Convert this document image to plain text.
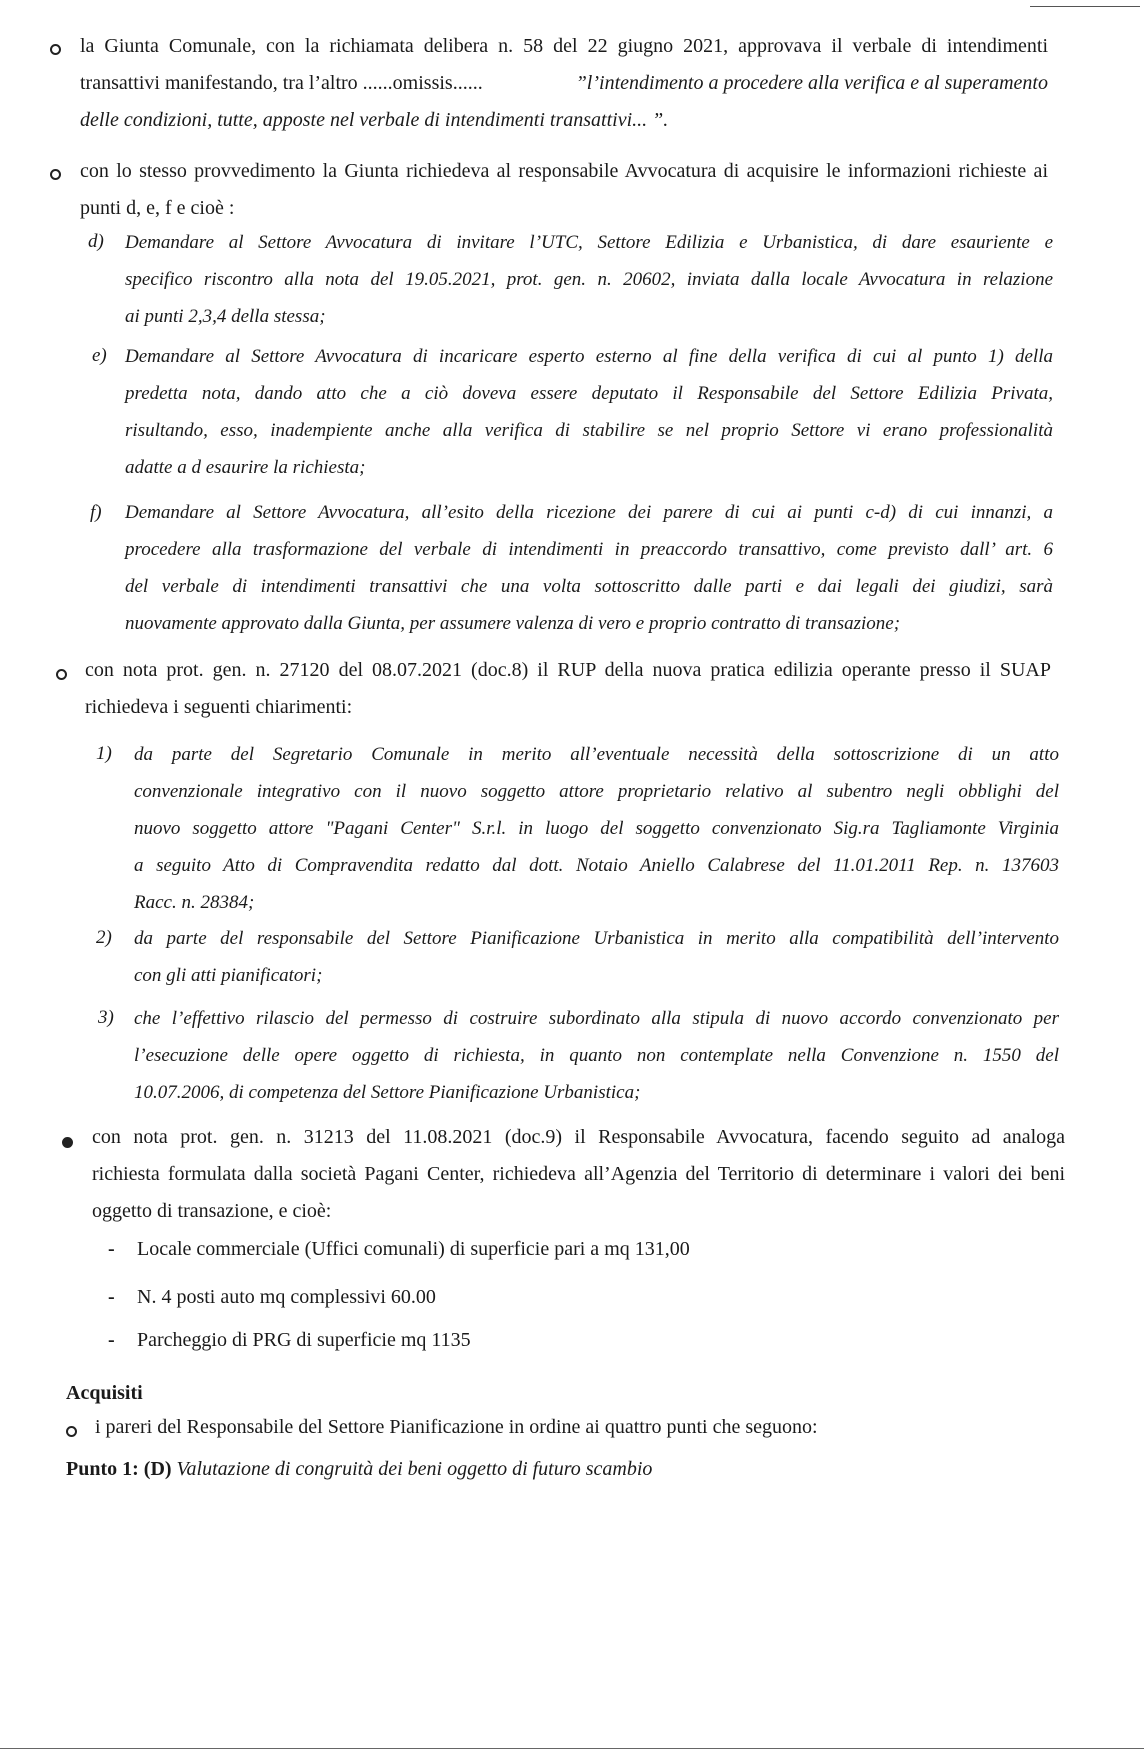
la Giunta Comunale, con la richiamata delibera n. 58 del 22 giugno 2021, approvava il verbale di intendimenti
transattivi manifestando, tra l’altro ......omissis......	”l’intendimento a procedere alla verifica e al superamento
delle condizioni, tutte, apposte nel verbale di intendimenti transattivi... ”.
con lo stesso provvedimento la Giunta richiedeva al responsabile Avvocatura di acquisire le informazioni richieste ai
punti d, e, f e cioè :
d) Demandare al Settore Avvocatura di invitare l’UTC, Settore Edilizia e Urbanistica, di dare esauriente e
specifico riscontro alla nota del 19.05.2021, prot. gen. n. 20602, inviata dalla locale Avvocatura in relazione
ai punti 2,3,4 della stessa;
e) Demandare al Settore Avvocatura di incaricare esperto esterno al fine della verifica di cui al punto 1) della
predetta nota, dando atto che a ciò doveva essere deputato il Responsabile del Settore Edilizia Privata,
risultando, esso, inadempiente anche alla verifica di stabilire se nel proprio Settore vi erano professionalità
adatte a d esaurire la richiesta;
f) Demandare al Settore Avvocatura, all’esito della ricezione dei parere di cui ai punti c-d) di cui innanzi, a
procedere alla trasformazione del verbale di intendimenti in preaccordo transattivo, come previsto dall’ art. 6
del verbale di intendimenti transattivi che una volta sottoscritto dalle parti e dai legali dei giudizi, sarà
nuovamente approvato dalla Giunta, per assumere valenza di vero e proprio contratto di transazione;
con nota prot. gen. n. 27120 del 08.07.2021 (doc.8) il RUP della nuova pratica edilizia operante presso il SUAP
richiedeva i seguenti chiarimenti:
1) da parte del Segretario Comunale in merito all’eventuale necessità della sottoscrizione di un atto
convenzionale integrativo con il nuovo soggetto attore proprietario relativo al subentro negli obblighi del
nuovo soggetto attore "Pagani Center" S.r.l. in luogo del soggetto convenzionato Sig.ra Tagliamonte Virginia
a seguito Atto di Compravendita redatto dal dott. Notaio Aniello Calabrese del 11.01.2011 Rep. n. 137603
Racc. n. 28384;
2) da parte del responsabile del Settore Pianificazione Urbanistica in merito alla compatibilità dell’intervento
con gli atti pianificatori;
3) che l’effettivo rilascio del permesso di costruire subordinato alla stipula di nuovo accordo convenzionato per
l’esecuzione delle opere oggetto di richiesta, in quanto non contemplate nella Convenzione n. 1550 del
10.07.2006, di competenza del Settore Pianificazione Urbanistica;
con nota prot. gen. n. 31213 del 11.08.2021 (doc.9) il Responsabile Avvocatura, facendo seguito ad analoga
richiesta formulata dalla società Pagani Center, richiedeva all’Agenzia del Territorio di determinare i valori dei beni
oggetto di transazione, e cioè:
- Locale commerciale (Uffici comunali) di superficie pari a mq 131,00
- N. 4 posti auto mq complessivi 60.00
- Parcheggio di PRG di superficie mq 1135
Acquisiti
i pareri del Responsabile del Settore Pianificazione in ordine ai quattro punti che seguono:
Punto 1: (D) Valutazione di congruità dei beni oggetto di futuro scambio
